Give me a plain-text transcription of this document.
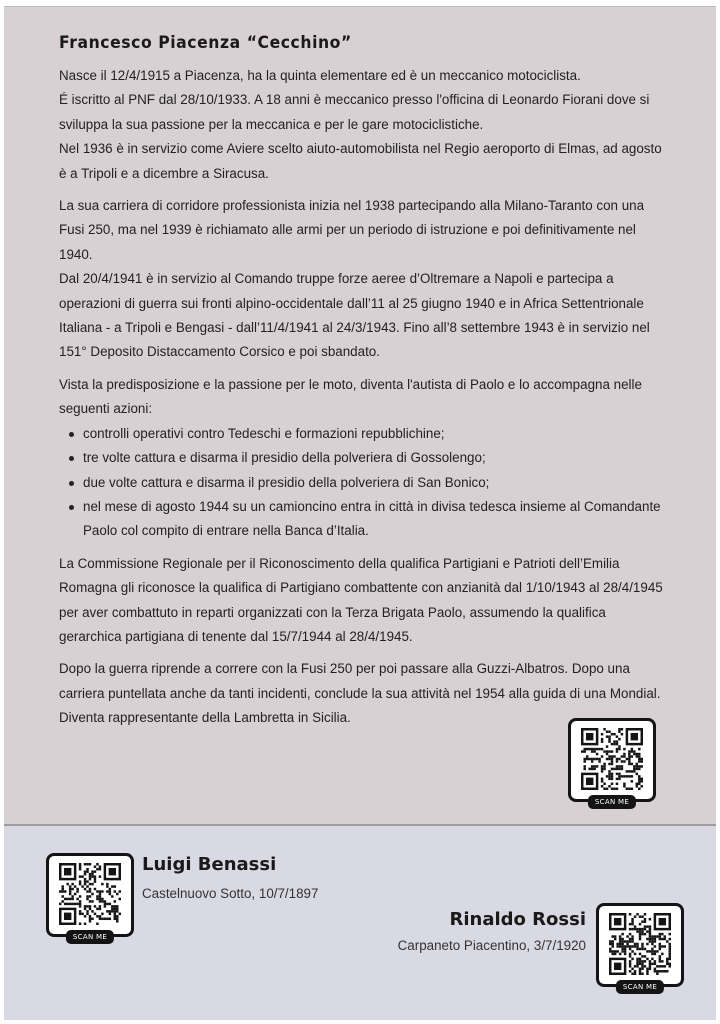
Francesco Piacenza “Cecchino”

Nasce il 12/4/1915 a Piacenza, ha la quinta elementare ed è un meccanico motociclista.
É iscritto al PNF dal 28/10/1933. A 18 anni è meccanico presso l'officina di Leonardo Fiorani dove si
sviluppa la sua passione per la meccanica e per le gare motociclistiche.
Nel 1936 è in servizio come Aviere scelto aiuto-automobilista nel Regio aeroporto di Elmas, ad agosto
è a Tripoli e a dicembre a Siracusa.

La sua carriera di corridore professionista inizia nel 1938 partecipando alla Milano-Taranto con una
Fusi 250, ma nel 1939 è richiamato alle armi per un periodo di istruzione e poi definitivamente nel
1940.
Dal 20/4/1941 è in servizio al Comando truppe forze aeree d’Oltremare a Napoli e partecipa a
operazioni di guerra sui fronti alpino-occidentale dall’11 al 25 giugno 1940 e in Africa Settentrionale
Italiana - a Tripoli e Bengasi - dall’11/4/1941 al 24/3/1943. Fino all’8 settembre 1943 è in servizio nel
151° Deposito Distaccamento Corsico e poi sbandato.

Vista la predisposizione e la passione per le moto, diventa l'autista di Paolo e lo accompagna nelle
seguenti azioni:

controlli operativi contro Tedeschi e formazioni repubblichine;
tre volte cattura e disarma il presidio della polveriera di Gossolengo;
due volte cattura e disarma il presidio della polveriera di San Bonico;
nel mese di agosto 1944 su un camioncino entra in città in divisa tedesca insieme al Comandante
Paolo col compito di entrare nella Banca d’Italia.

La Commissione Regionale per il Riconoscimento della qualifica Partigiani e Patrioti dell’Emilia
Romagna gli riconosce la qualifica di Partigiano combattente con anzianità dal 1/10/1943 al 28/4/1945
per aver combattuto in reparti organizzati con la Terza Brigata Paolo, assumendo la qualifica
gerarchica partigiana di tenente dal 15/7/1944 al 28/4/1945.

Dopo la guerra riprende a correre con la Fusi 250 per poi passare alla Guzzi-Albatros. Dopo una
carriera puntellata anche da tanti incidenti, conclude la sua attività nel 1954 alla guida di una Mondial.
Diventa rappresentante della Lambretta in Sicilia.

SCAN ME
SCAN ME
Luigi Benassi
Castelnuovo Sotto, 10/7/1897
Rinaldo Rossi
Carpaneto Piacentino, 3/7/1920
SCAN ME
